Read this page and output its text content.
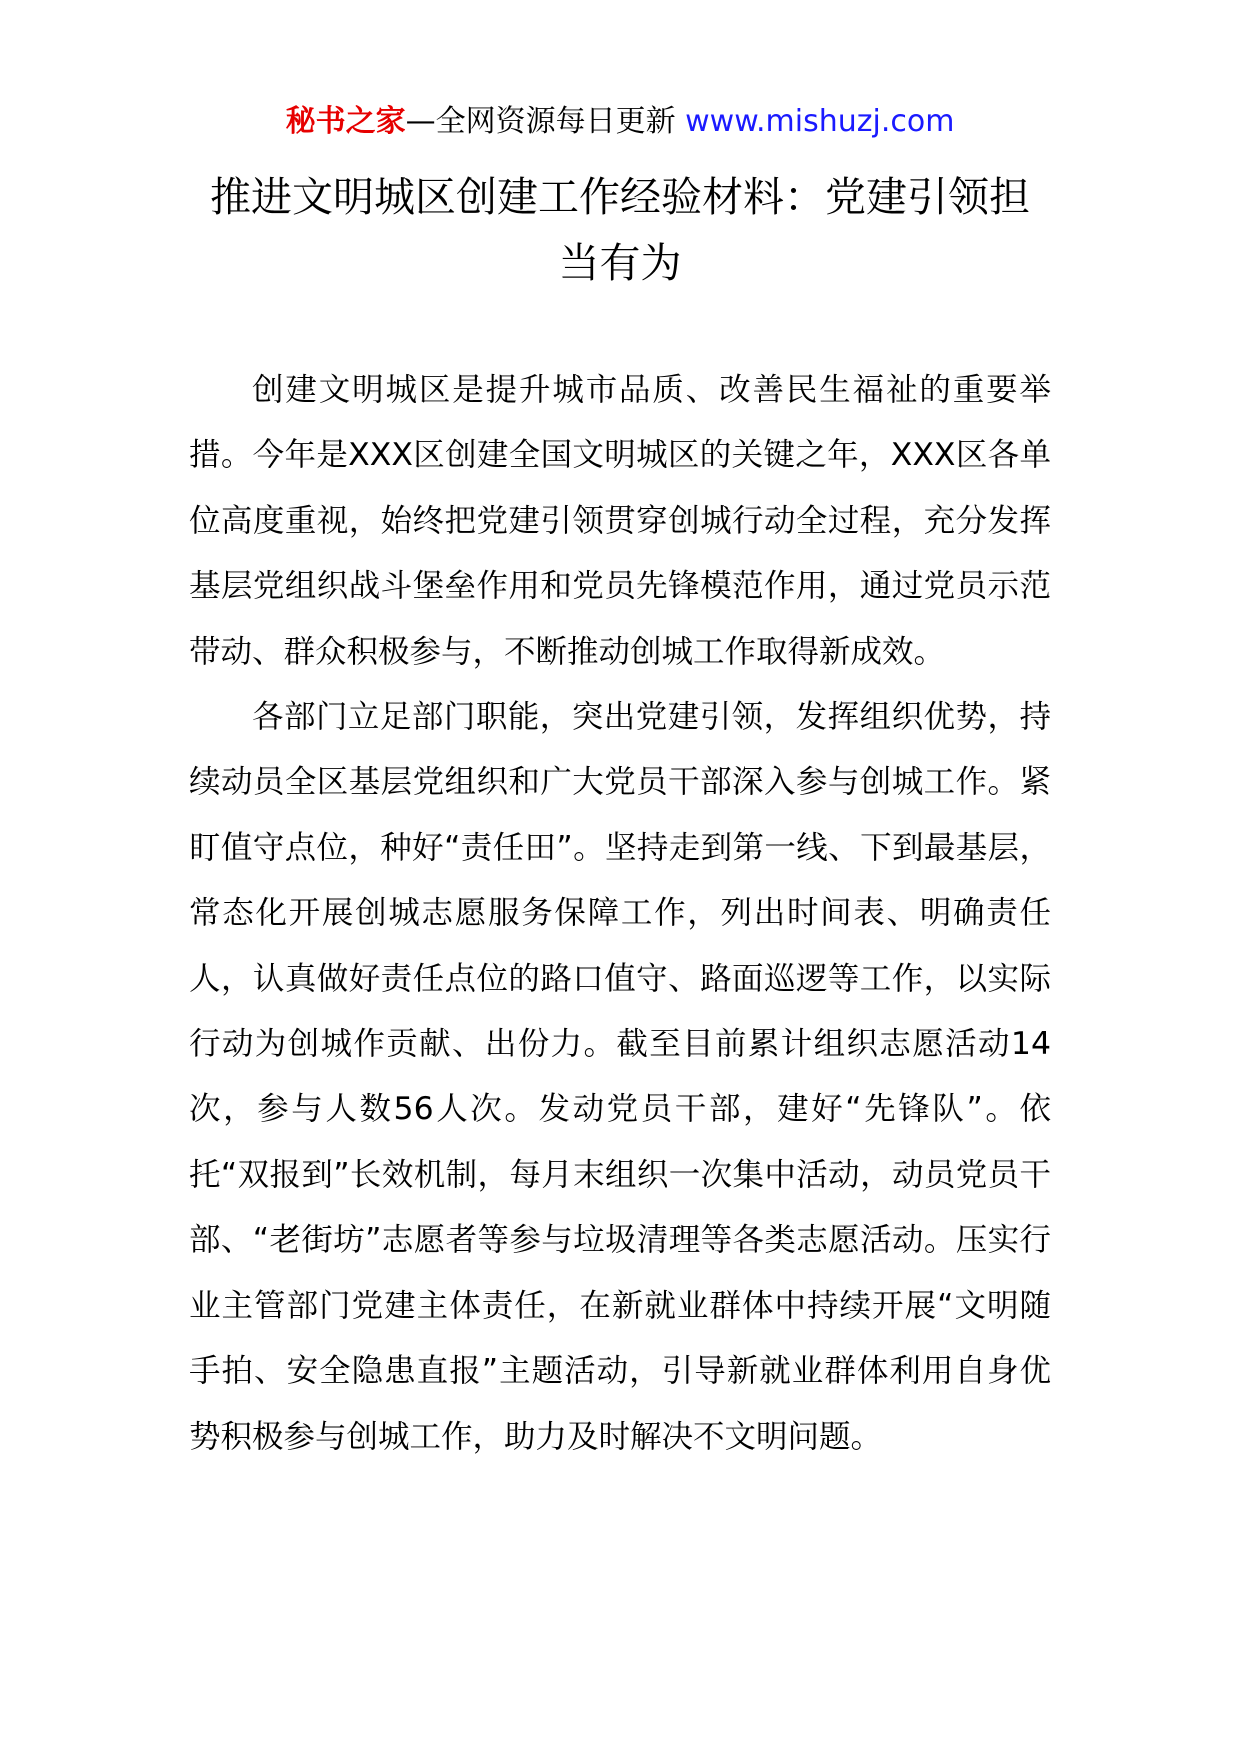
秘书之家—全网资源每日更新 www.mishuzj.com
推进文明城区创建工作经验材料：党建引领担当有为

创建文明城区是提升城市品质、改善民生福祉的重要举措。今年是XXX区创建全国文明城区的关键之年，XXX区各单位高度重视，始终把党建引领贯穿创城行动全过程，充分发挥基层党组织战斗堡垒作用和党员先锋模范作用，通过党员示范带动、群众积极参与，不断推动创城工作取得新成效。

各部门立足部门职能，突出党建引领，发挥组织优势，持续动员全区基层党组织和广大党员干部深入参与创城工作。紧盯值守点位，种好“责任田”。坚持走到第一线、下到最基层，常态化开展创城志愿服务保障工作，列出时间表、明确责任人，认真做好责任点位的路口值守、路面巡逻等工作，以实际行动为创城作贡献、出份力。截至目前累计组织志愿活动14次，参与人数56人次。发动党员干部，建好“先锋队”。依托“双报到”长效机制，每月末组织一次集中活动，动员党员干部、“老街坊”志愿者等参与垃圾清理等各类志愿活动。压实行业主管部门党建主体责任，在新就业群体中持续开展“文明随手拍、安全隐患直报”主题活动，引导新就业群体利用自身优势积极参与创城工作，助力及时解决不文明问题。
